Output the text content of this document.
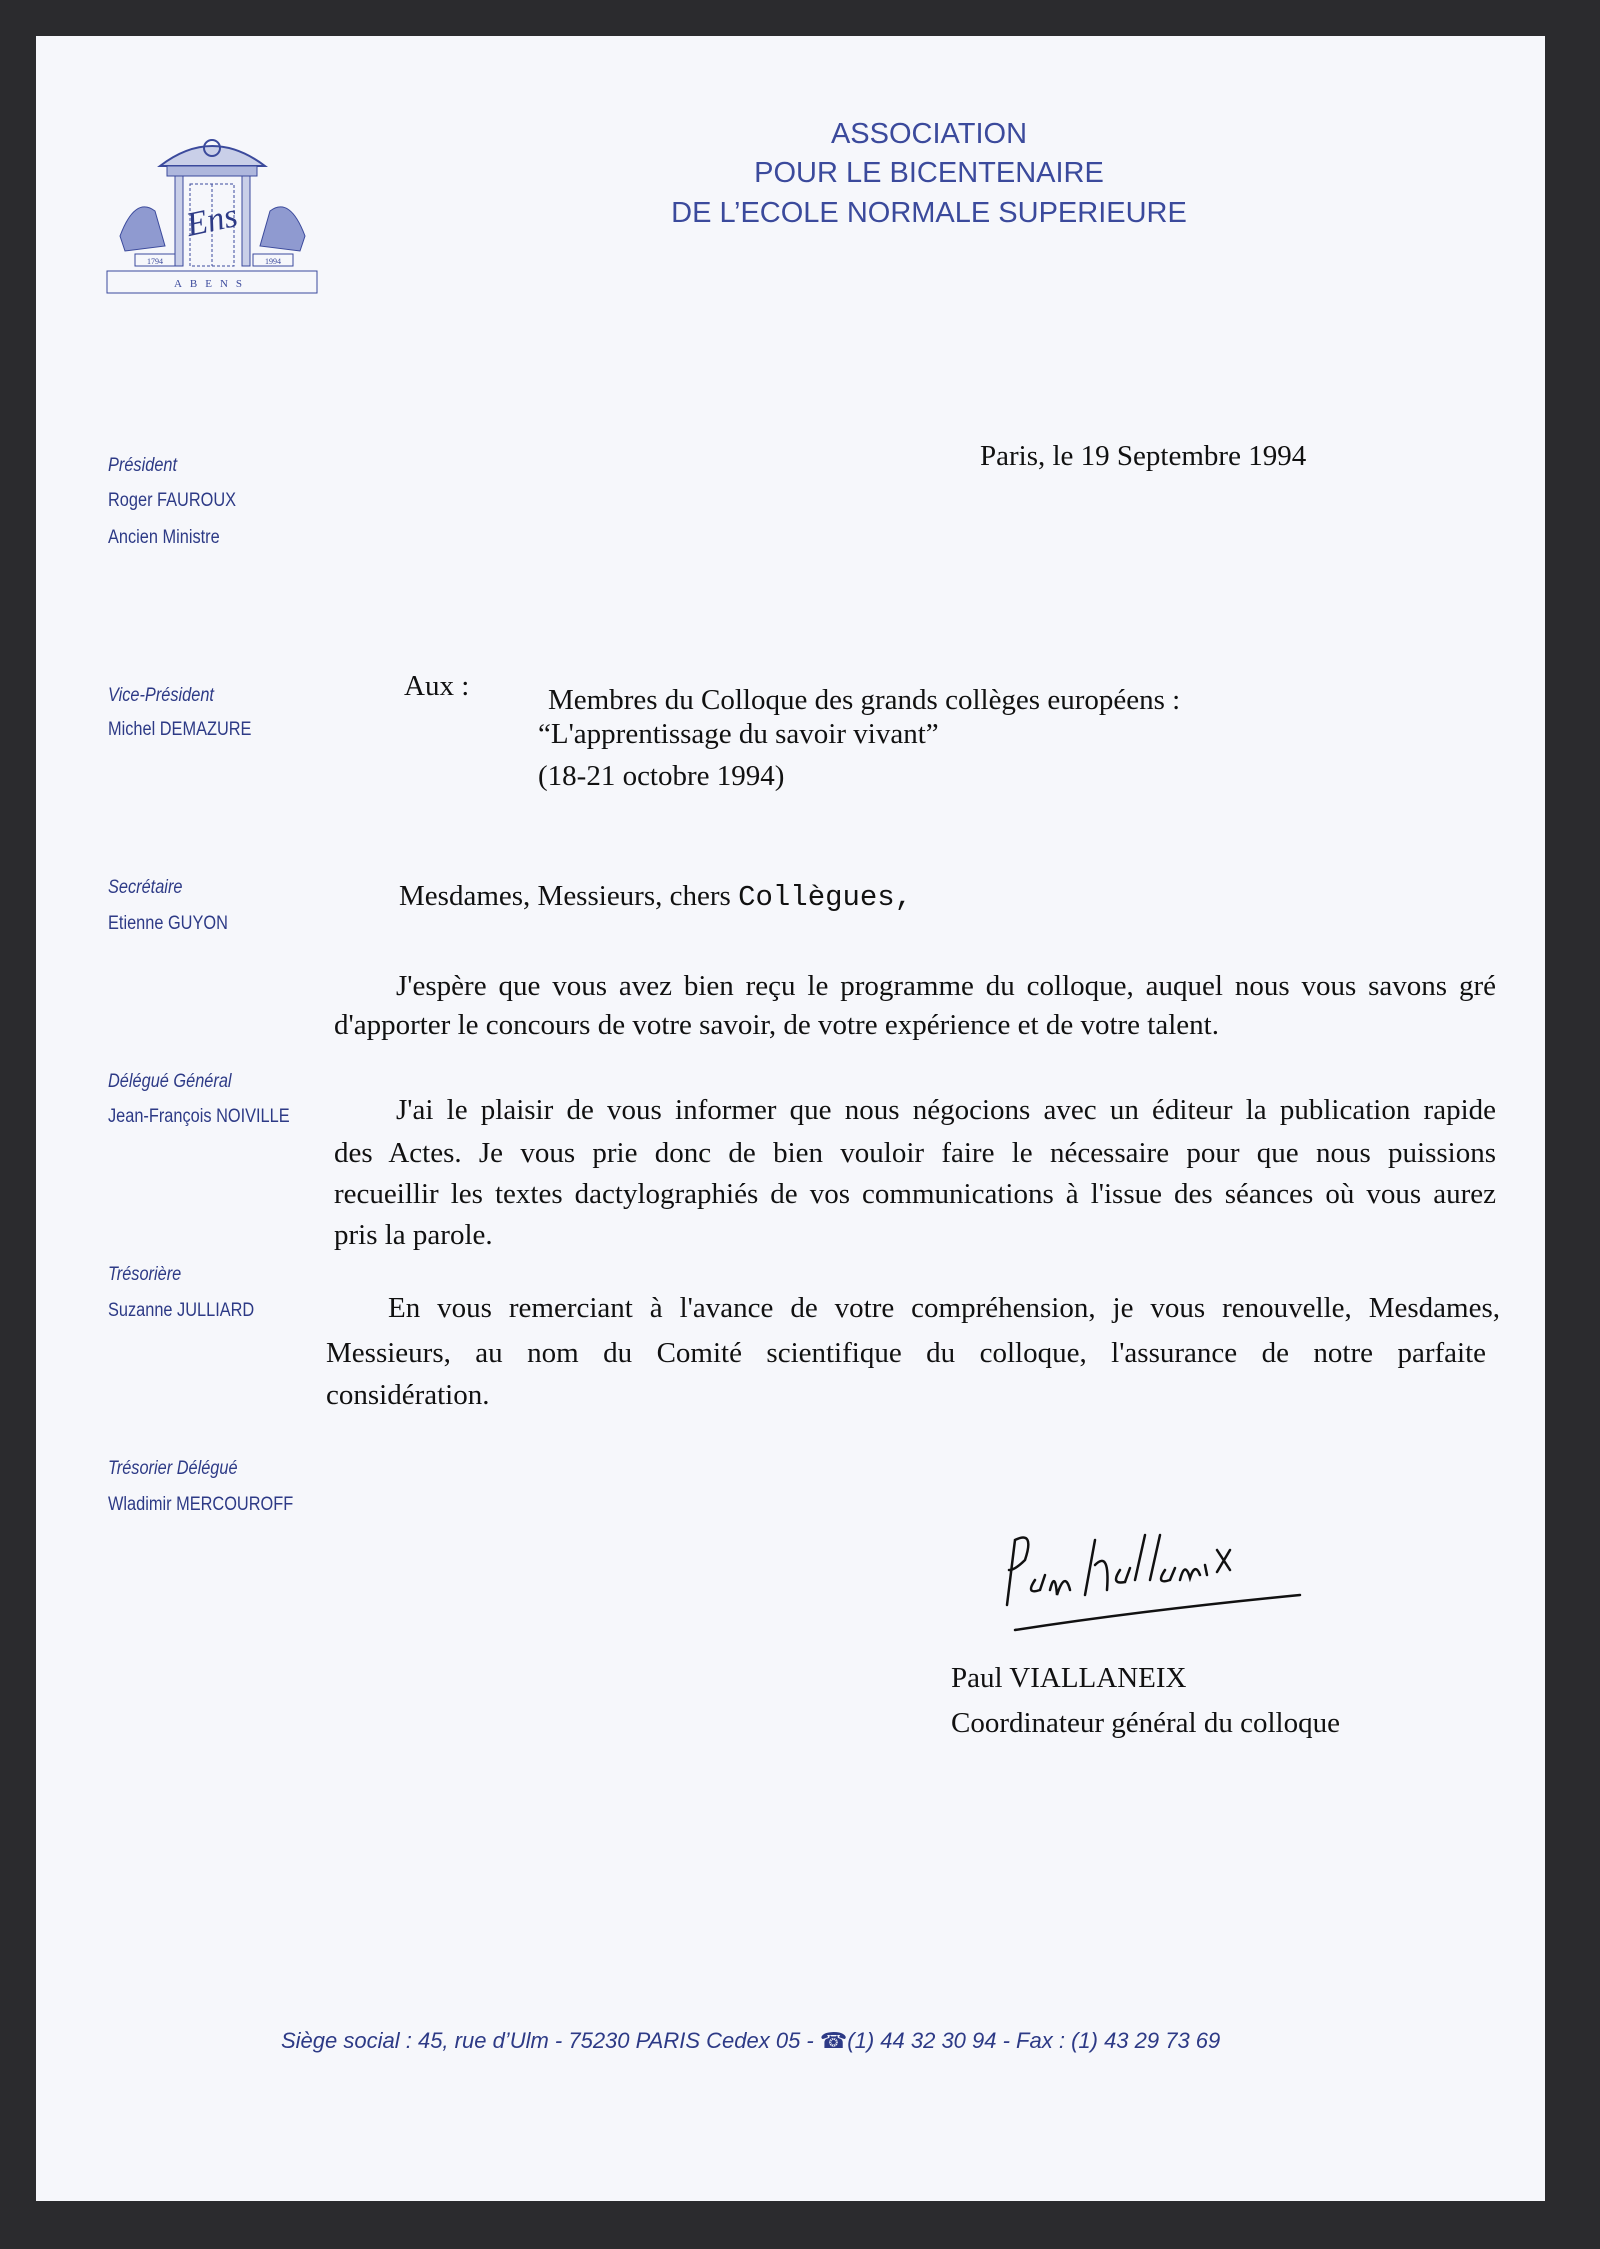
1794	1994
ABENS
Ens
ASSOCIATION
POUR LE BICENTENAIRE
DE L’ECOLE NORMALE SUPERIEURE
Paris, le 19 Septembre 1994
Président
Roger FAUROUX
Ancien Ministre
Vice-Président
Michel DEMAZURE
Secrétaire
Etienne GUYON
Délégué Général
Jean-François NOIVILLE
Trésorière
Suzanne JULLIARD
Trésorier Délégué
Wladimir MERCOUROFF
Aux :	Membres du Colloque des grands collèges européens :
“L'apprentissage du savoir vivant”
(18-21 octobre 1994)
Mesdames, Messieurs, chers Collègues,
J'espère que vous avez bien reçu le programme du colloque, auquel nous vous savons gré
d'apporter le concours de votre savoir, de votre expérience et de votre talent.
J'ai le plaisir de vous informer que nous négocions avec un éditeur la publication rapide
des Actes. Je vous prie donc de bien vouloir faire le nécessaire pour que nous puissions
recueillir les textes dactylographiés de vos communications à l'issue des séances où vous aurez
pris la parole.
En vous remerciant à l'avance de votre compréhension, je vous renouvelle, Mesdames,
Messieurs, au nom du Comité scientifique du colloque, l'assurance de notre parfaite
considération.
Paul VIALLANEIX
Coordinateur général du colloque
Siège social : 45, rue d’Ulm - 75230 PARIS Cedex 05 - ☎(1) 44 32 30 94 - Fax : (1) 43 29 73 69
